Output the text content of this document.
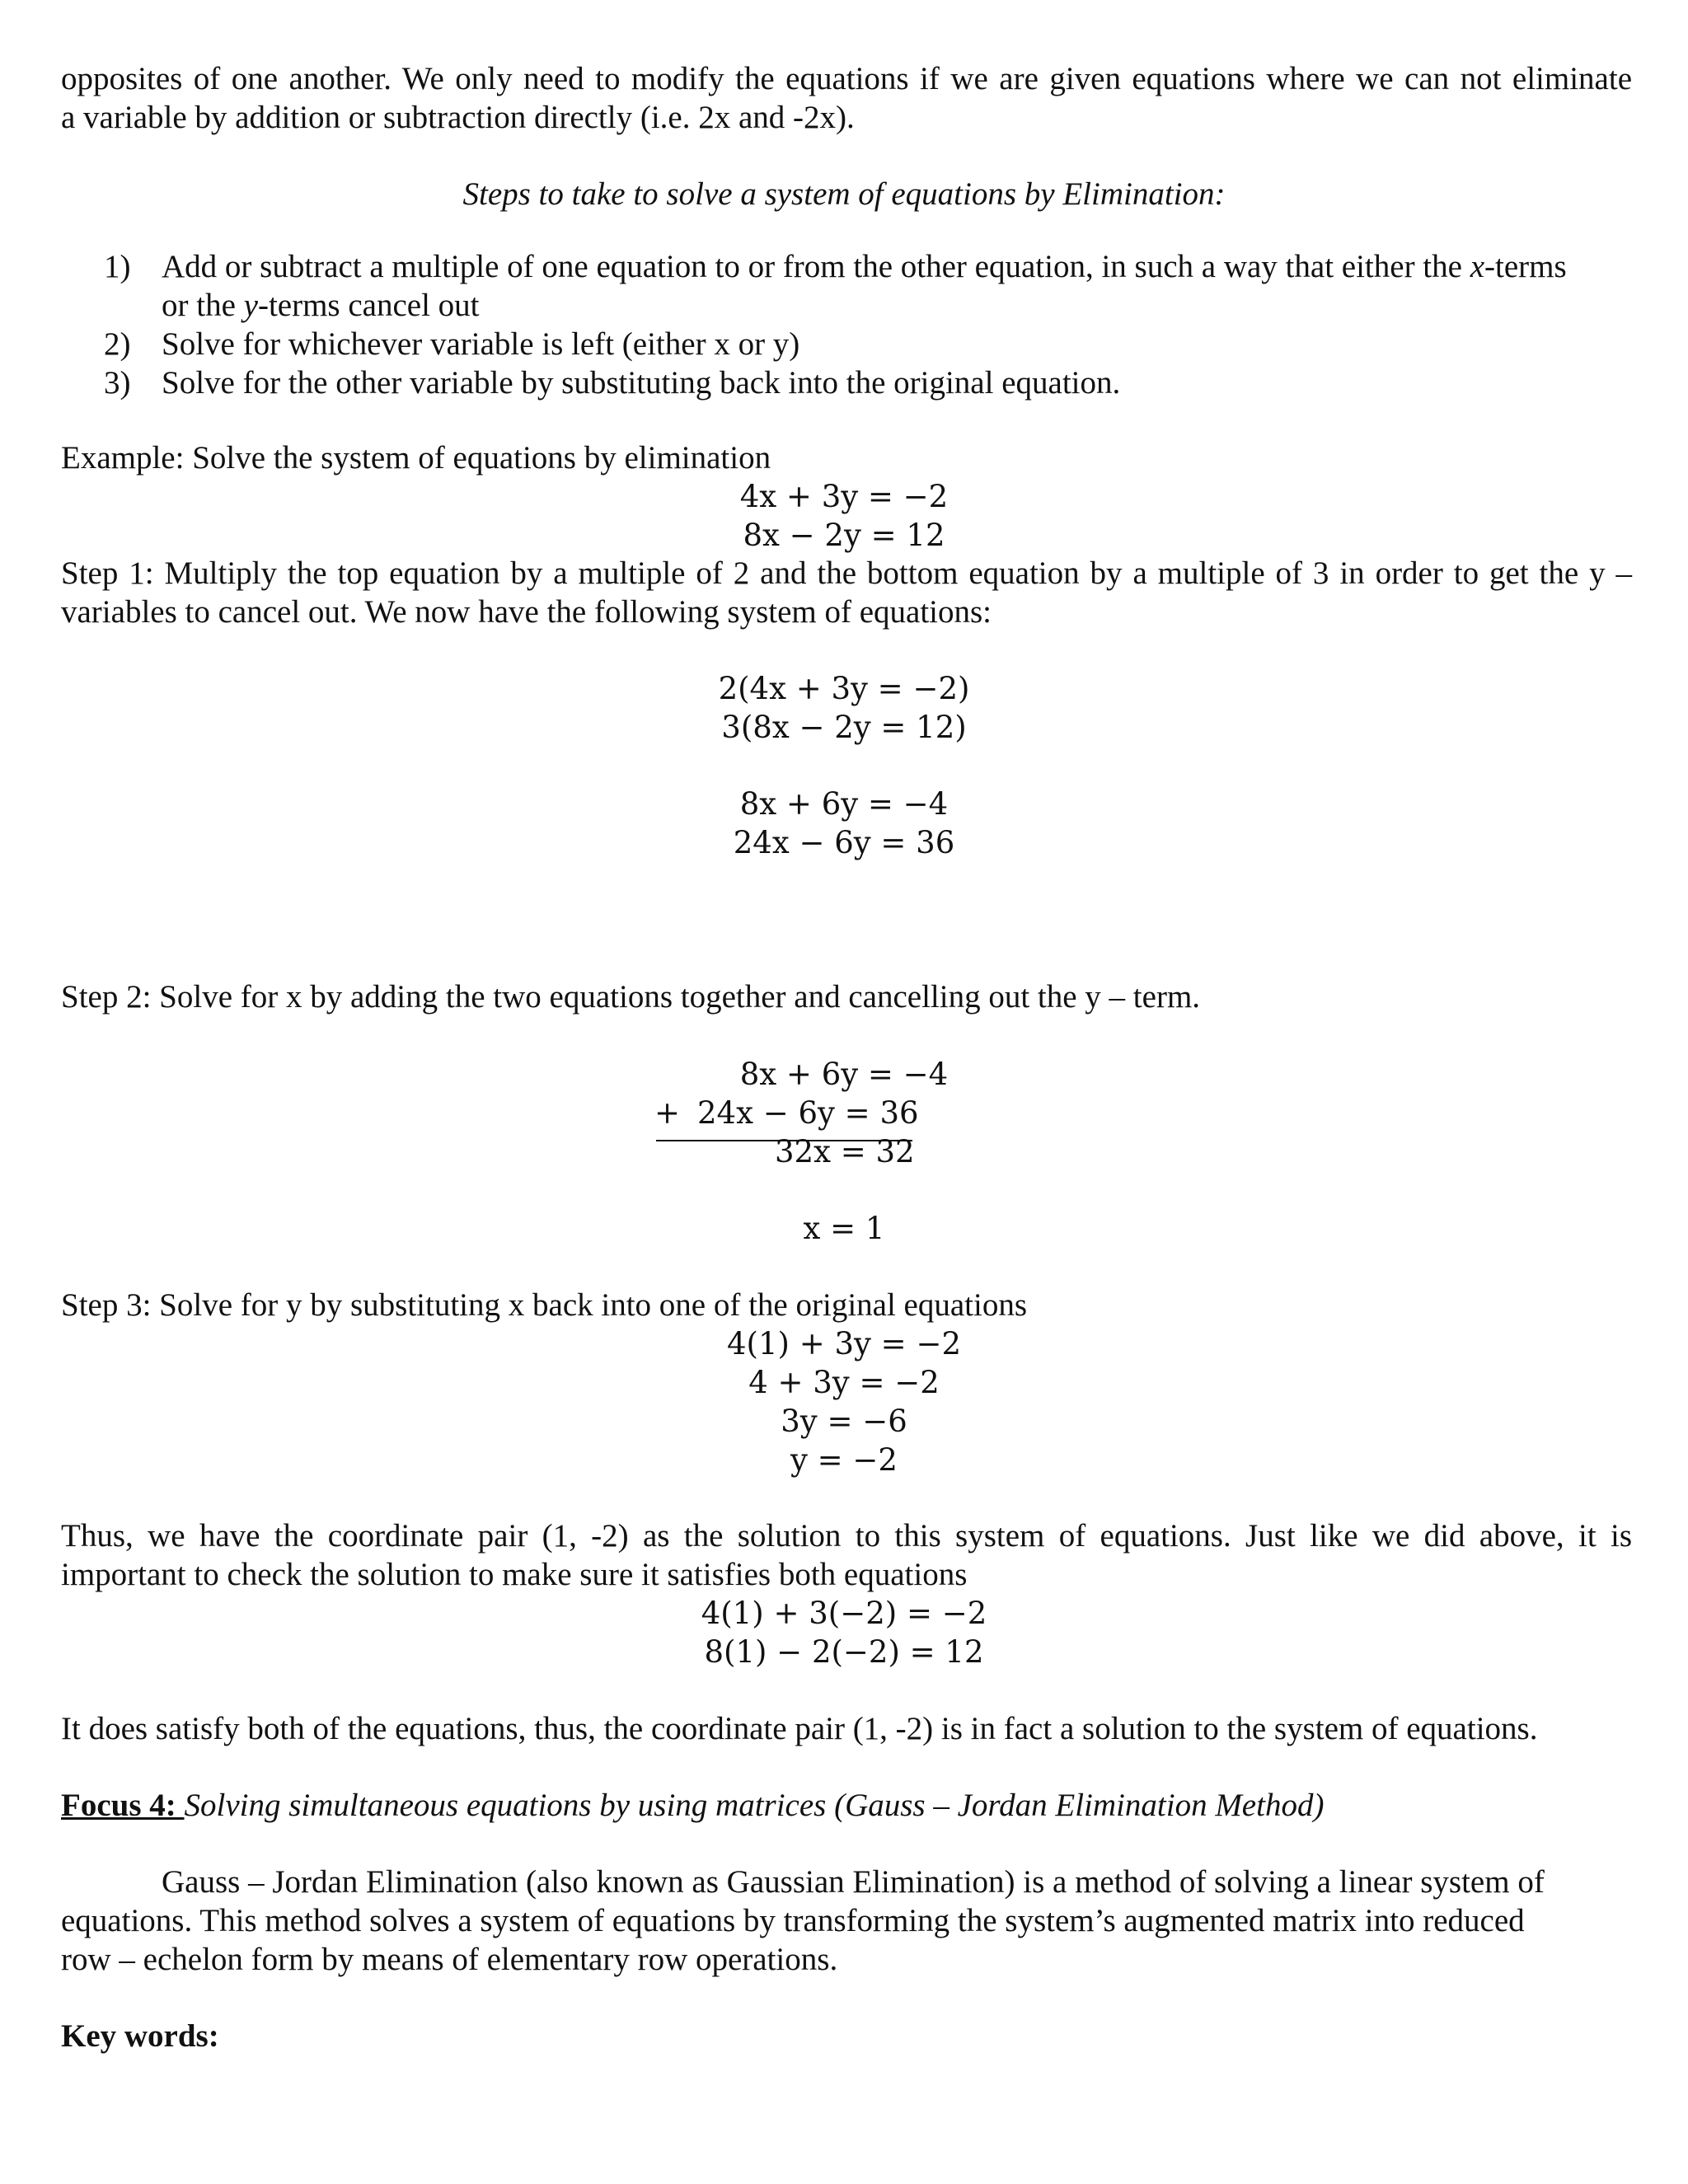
opposites of one another. We only need to modify the equations if we are given equations where we can not eliminate
a variable by addition or subtraction directly (i.e. 2x and -2x).
Steps to take to solve a system of equations by Elimination:
1) Add or subtract a multiple of one equation to or from the other equation, in such a way that either the x-terms
or the y-terms cancel out
2) Solve for whichever variable is left (either x or y)
3) Solve for the other variable by substituting back into the original equation.
Example: Solve the system of equations by elimination
4x + 3y = −2
8x − 2y = 12
Step 1: Multiply the top equation by a multiple of 2 and the bottom equation by a multiple of 3 in order to get the y –
variables to cancel out. We now have the following system of equations:
2(4x + 3y = −2)
3(8x − 2y = 12)
8x + 6y = −4
24x − 6y = 36
Step 2: Solve for x by adding the two equations together and cancelling out the y – term.
8x + 6y = −4
+ 24x − 6y = 36
32x = 32
x = 1
Step 3: Solve for y by substituting x back into one of the original equations
4(1) + 3y = −2
4 + 3y = −2
3y = −6
y = −2
Thus, we have the coordinate pair (1, -2) as the solution to this system of equations. Just like we did above, it is
important to check the solution to make sure it satisfies both equations
4(1) + 3(−2) = −2
8(1) − 2(−2) = 12
It does satisfy both of the equations, thus, the coordinate pair (1, -2) is in fact a solution to the system of equations.
Focus 4: Solving simultaneous equations by using matrices (Gauss – Jordan Elimination Method)
Gauss – Jordan Elimination (also known as Gaussian Elimination) is a method of solving a linear system of
equations. This method solves a system of equations by transforming the system’s augmented matrix into reduced
row – echelon form by means of elementary row operations.
Key words:
